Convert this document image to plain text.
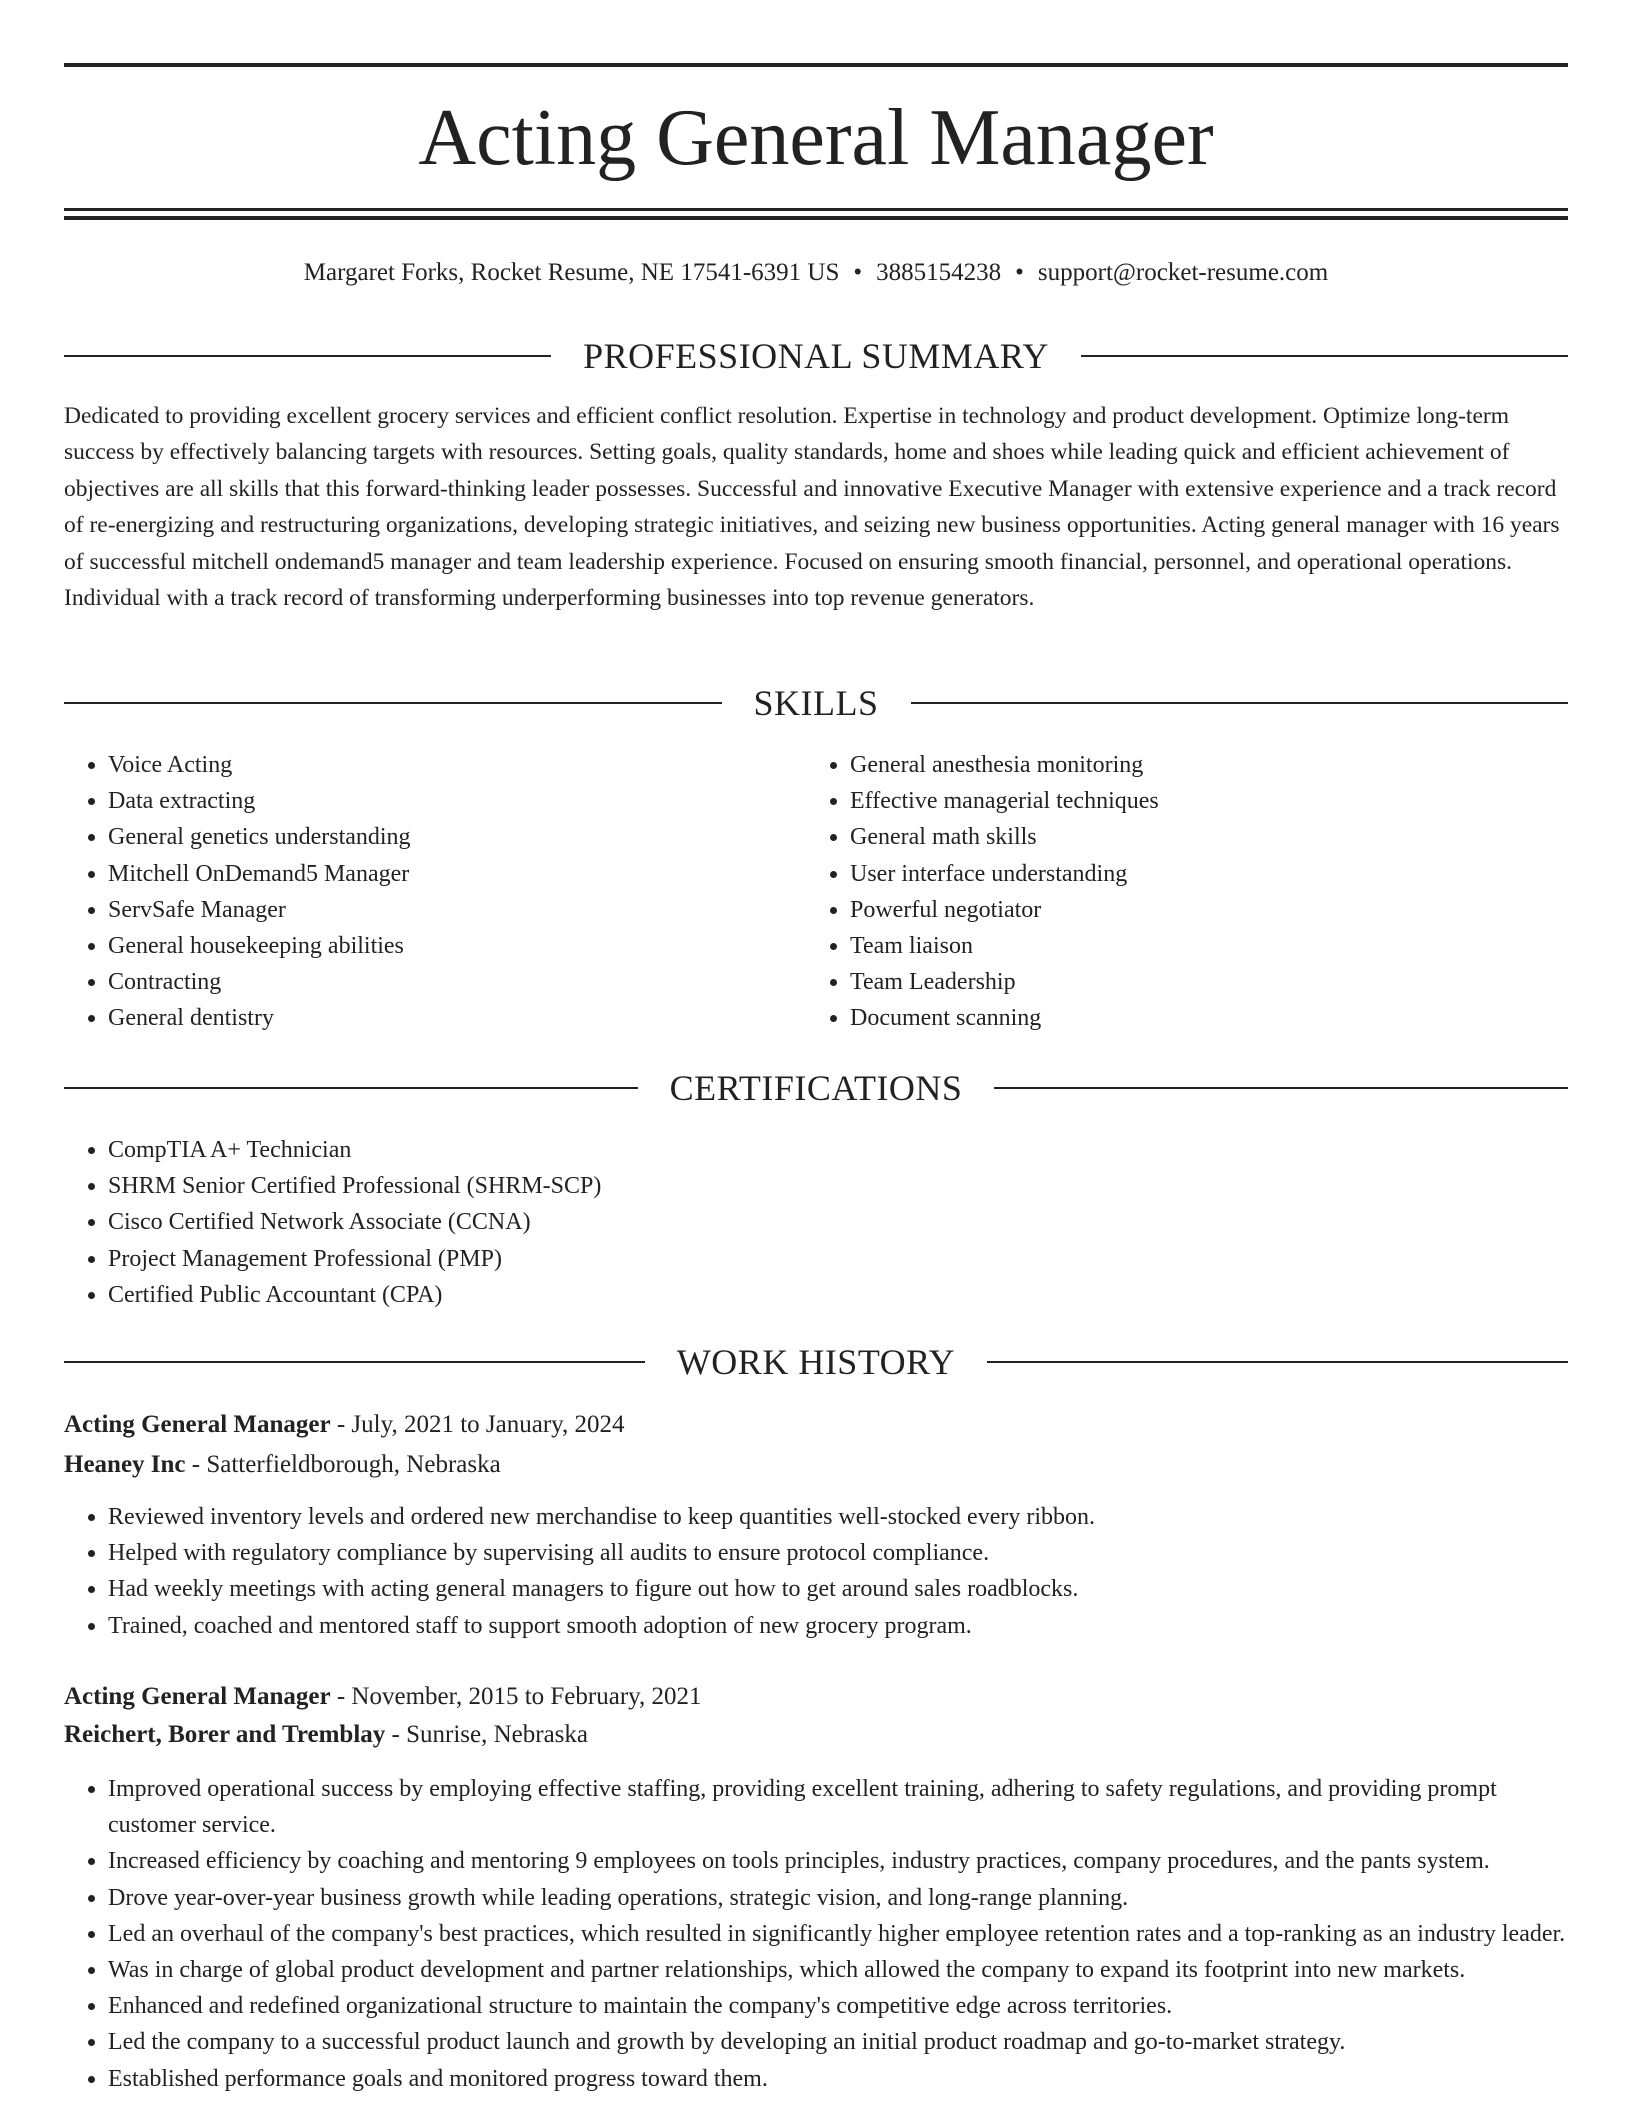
Acting General Manager
Margaret Forks, Rocket Resume, NE 17541-6391 US • 3885154238 • support@rocket-resume.com
PROFESSIONAL SUMMARY

Dedicated to providing excellent grocery services and efficient conflict resolution. Expertise in technology and product development. Optimize long-term success by effectively balancing targets with resources. Setting goals, quality standards, home and shoes while leading quick and efficient achievement of objectives are all skills that this forward-thinking leader possesses. Successful and innovative Executive Manager with extensive experience and a track record of re-energizing and restructuring organizations, developing strategic initiatives, and seizing new business opportunities. Acting general manager with 16 years of successful mitchell ondemand5 manager and team leadership experience. Focused on ensuring smooth financial, personnel, and operational operations. Individual with a track record of transforming underperforming businesses into top revenue generators.

SKILLS
• Voice Acting
• Data extracting
• General genetics understanding
• Mitchell OnDemand5 Manager
• ServSafe Manager
• General housekeeping abilities
• Contracting
• General dentistry
• General anesthesia monitoring
• Effective managerial techniques
• General math skills
• User interface understanding
• Powerful negotiator
• Team liaison
• Team Leadership
• Document scanning
CERTIFICATIONS
• CompTIA A+ Technician
• SHRM Senior Certified Professional (SHRM-SCP)
• Cisco Certified Network Associate (CCNA)
• Project Management Professional (PMP)
• Certified Public Accountant (CPA)
WORK HISTORY
Acting General Manager - July, 2021 to January, 2024
Heaney Inc - Satterfieldborough, Nebraska
• Reviewed inventory levels and ordered new merchandise to keep quantities well-stocked every ribbon.
• Helped with regulatory compliance by supervising all audits to ensure protocol compliance.
• Had weekly meetings with acting general managers to figure out how to get around sales roadblocks.
• Trained, coached and mentored staff to support smooth adoption of new grocery program.
Acting General Manager - November, 2015 to February, 2021
Reichert, Borer and Tremblay - Sunrise, Nebraska
• Improved operational success by employing effective staffing, providing excellent training, adhering to safety regulations, and providing prompt customer service.
• Increased efficiency by coaching and mentoring 9 employees on tools principles, industry practices, company procedures, and the pants system.
• Drove year-over-year business growth while leading operations, strategic vision, and long-range planning.
• Led an overhaul of the company's best practices, which resulted in significantly higher employee retention rates and a top-ranking as an industry leader.
• Was in charge of global product development and partner relationships, which allowed the company to expand its footprint into new markets.
• Enhanced and redefined organizational structure to maintain the company's competitive edge across territories.
• Led the company to a successful product launch and growth by developing an initial product roadmap and go-to-market strategy.
• Established performance goals and monitored progress toward them.
